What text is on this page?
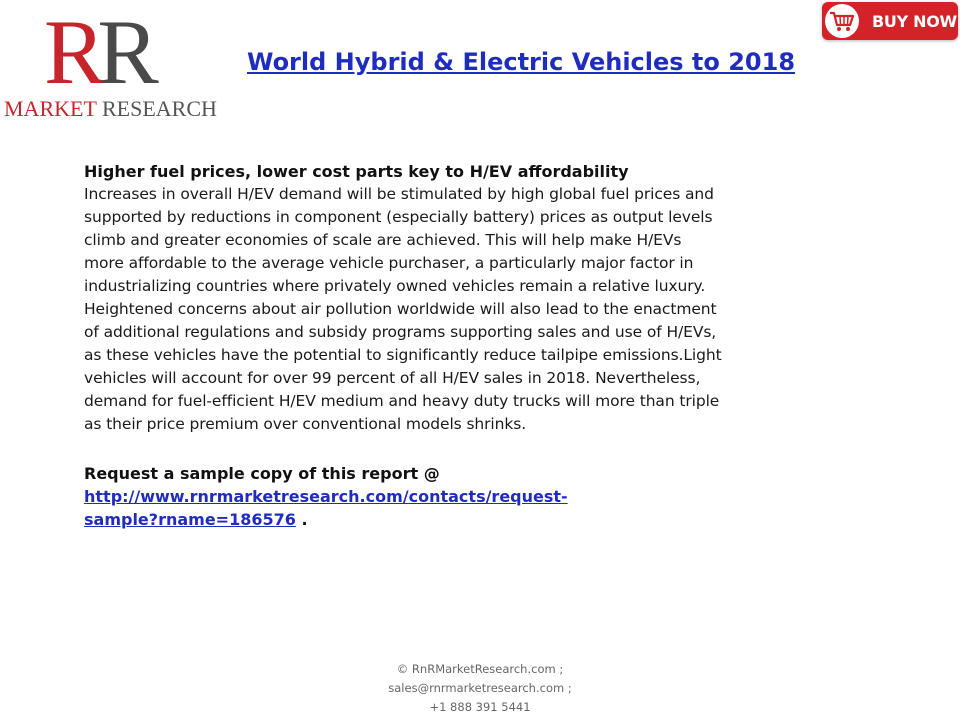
RR
MARKET RESEARCH
World Hybrid & Electric Vehicles to 2018
BUY NOW
Higher fuel prices, lower cost parts key to H/EV affordability
Increases in overall H/EV demand will be stimulated by high global fuel prices and
supported by reductions in component (especially battery) prices as output levels
climb and greater economies of scale are achieved. This will help make H/EVs
more affordable to the average vehicle purchaser, a particularly major factor in
industrializing countries where privately owned vehicles remain a relative luxury.
Heightened concerns about air pollution worldwide will also lead to the enactment
of additional regulations and subsidy programs supporting sales and use of H/EVs,
as these vehicles have the potential to significantly reduce tailpipe emissions.Light
vehicles will account for over 99 percent of all H/EV sales in 2018. Nevertheless,
demand for fuel-efficient H/EV medium and heavy duty trucks will more than triple
as their price premium over conventional models shrinks.
Request a sample copy of this report @
http://www.rnrmarketresearch.com/contacts/request-
sample?rname=186576 .
© RnRMarketResearch.com ;
sales@rnrmarketresearch.com ;
+1 888 391 5441
